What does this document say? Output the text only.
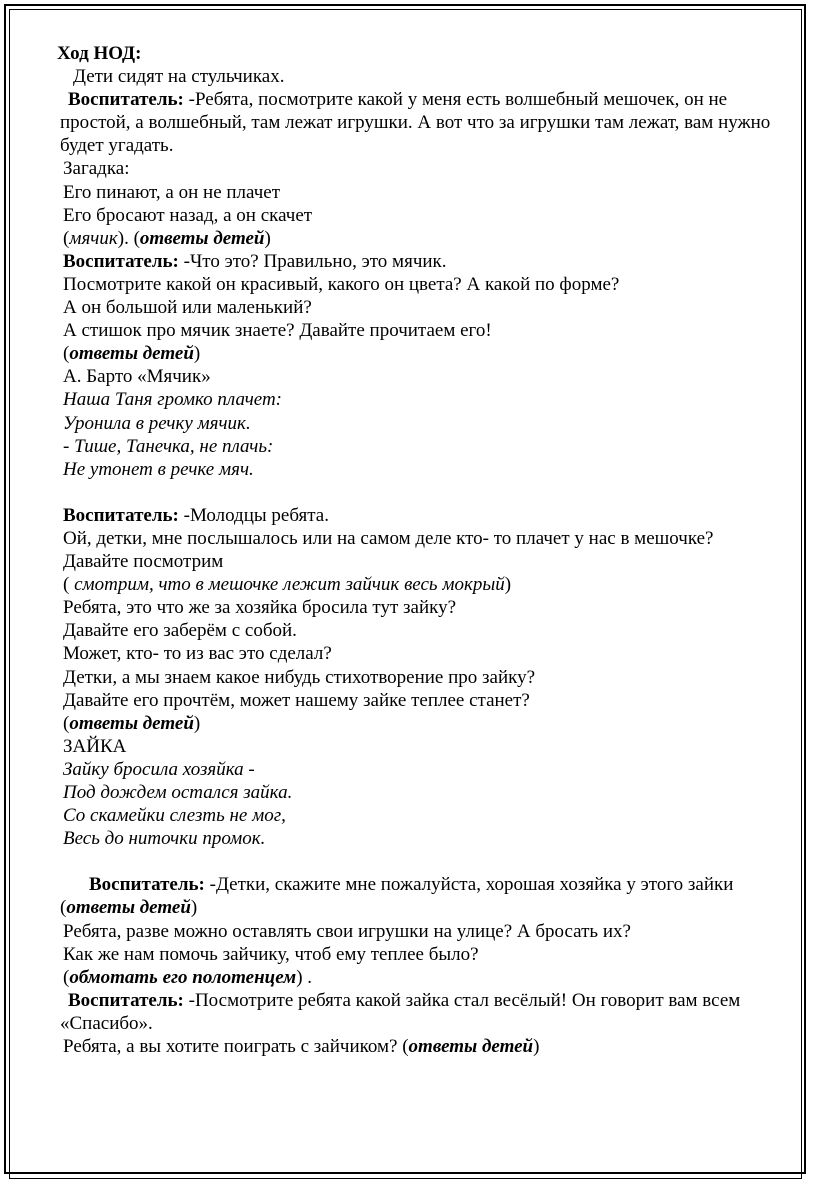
Ход НОД:

Дети сидят на стульчиках.

Воспитатель: -Ребята, посмотрите какой у меня есть волшебный мешочек, он не простой, а волшебный, там лежат игрушки. А вот что за игрушки там лежат, вам нужно будет угадать.

Загадка:

Его пинают, а он не плачет

Его бросают назад, а он скачет

(мячик). (ответы детей)

Воспитатель: -Что это? Правильно, это мячик.

Посмотрите какой он красивый, какого он цвета? А какой по форме?

А он большой или маленький?

А стишок про мячик знаете? Давайте прочитаем его!

(ответы детей)

А. Барто «Мячик»

Наша Таня громко плачет:

Уронила в речку мячик.

- Тише, Танечка, не плачь:

Не утонет в речке мяч.

Воспитатель: -Молодцы ребята.

Ой, детки, мне послышалось или на самом деле кто- то плачет у нас в мешочке?

Давайте посмотрим

( смотрим, что в мешочке лежит зайчик весь мокрый)

Ребята, это что же за хозяйка бросила тут зайку?

Давайте его заберём с собой.

Может, кто- то из вас это сделал?

Детки, а мы знаем какое нибудь стихотворение про зайку?

Давайте его прочтём, может нашему зайке теплее станет?

(ответы детей)

ЗАЙКА

Зайку бросила хозяйка -

Под дождем остался зайка.

Со скамейки слезть не мог,

Весь до ниточки промок.

Воспитатель: -Детки, скажите мне пожалуйста, хорошая хозяйка у этого зайки (ответы детей)

Ребята, разве можно оставлять свои игрушки на улице? А бросать их?

Как же нам помочь зайчику, чтоб ему теплее было?

(обмотать его полотенцем) .

Воспитатель: -Посмотрите ребята какой зайка стал весёлый! Он говорит вам всем «Спасибо».

Ребята, а вы хотите поиграть с зайчиком? (ответы детей)
